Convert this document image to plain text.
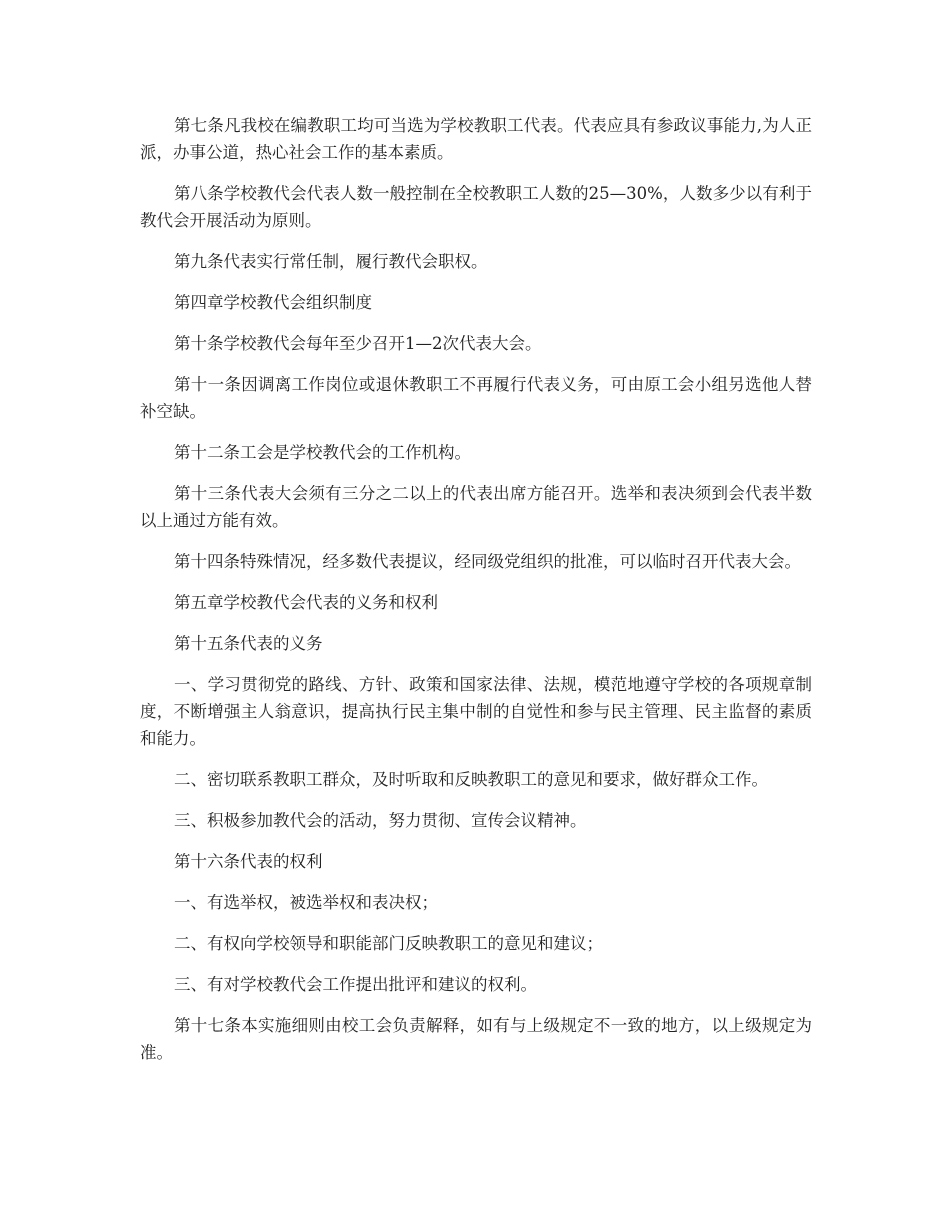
第七条凡我校在编教职工均可当选为学校教职工代表。代表应具有参政议事能力,为人正派，办事公道，热心社会工作的基本素质。

第八条学校教代会代表人数一般控制在全校教职工人数的25—30%，人数多少以有利于教代会开展活动为原则。

第九条代表实行常任制，履行教代会职权。

第四章学校教代会组织制度

第十条学校教代会每年至少召开1—2次代表大会。

第十一条因调离工作岗位或退休教职工不再履行代表义务，可由原工会小组另选他人替补空缺。

第十二条工会是学校教代会的工作机构。

第十三条代表大会须有三分之二以上的代表出席方能召开。选举和表决须到会代表半数以上通过方能有效。

第十四条特殊情况，经多数代表提议，经同级党组织的批准，可以临时召开代表大会。

第五章学校教代会代表的义务和权利

第十五条代表的义务

一、学习贯彻党的路线、方针、政策和国家法律、法规，模范地遵守学校的各项规章制度，不断增强主人翁意识，提高执行民主集中制的自觉性和参与民主管理、民主监督的素质和能力。

二、密切联系教职工群众，及时听取和反映教职工的意见和要求，做好群众工作。

三、积极参加教代会的活动，努力贯彻、宣传会议精神。

第十六条代表的权利

一、有选举权，被选举权和表决权；

二、有权向学校领导和职能部门反映教职工的意见和建议；

三、有对学校教代会工作提出批评和建议的权利。

第十七条本实施细则由校工会负责解释，如有与上级规定不一致的地方，以上级规定为准。
